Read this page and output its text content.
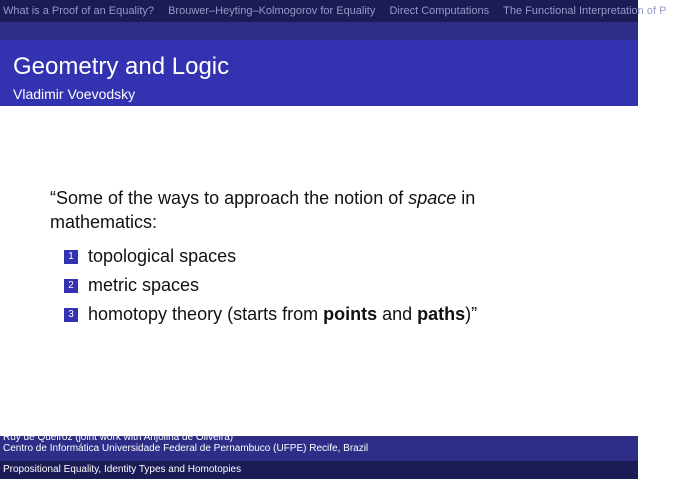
What is a Proof of an Equality? Brouwer–Heyting–Kolmogorov for Equality Direct Computations The Functional Interpretation of P
Geometry and Logic
Vladimir Voevodsky
“Some of the ways to approach the notion of space in mathematics:
1 topological spaces
2 metric spaces
3 homotopy theory (starts from points and paths)”
Ruy de Queiroz (joint work with Anjolina de Oliveira)
Centro de Informática Universidade Federal de Pernambuco (UFPE) Recife, Brazil
Propositional Equality, Identity Types and Homotopies
